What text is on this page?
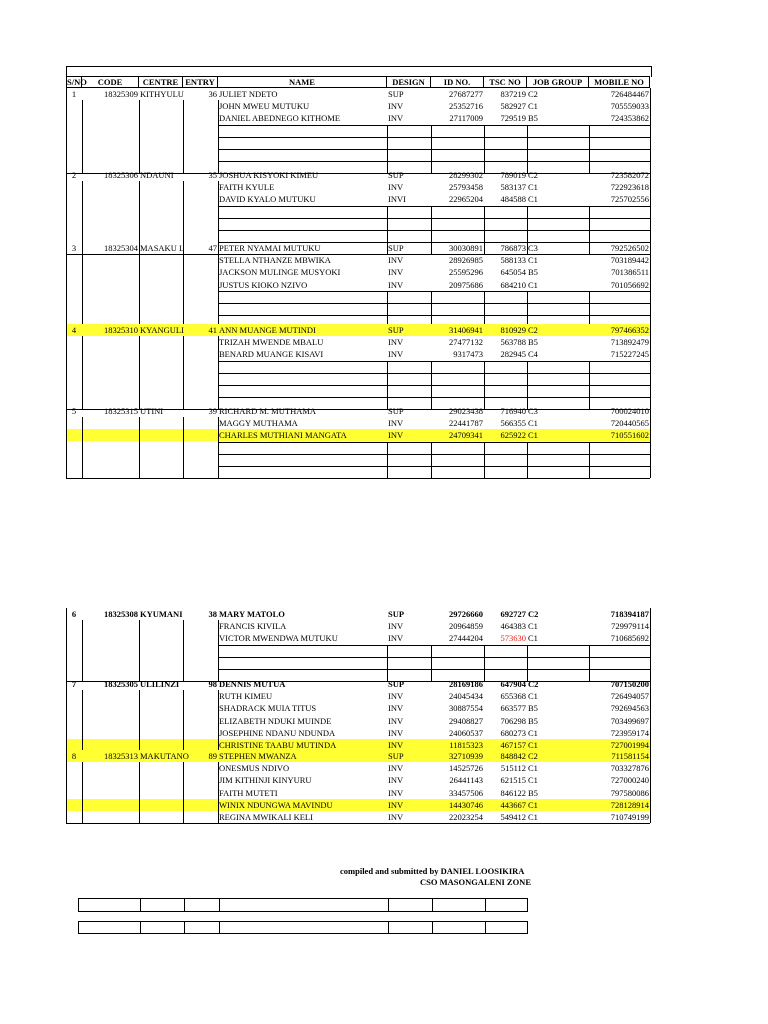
S/NO	CODE	CENTRE ENTRY	NAME	DESIGN	ID NO.	TSC NO	JOB GROUP	MOBILE NO
1	18325309 KITHYULU	36 JULIET NDETO	SUP	27687277	837219 C2	726484467
JOHN MWEU MUTUKU	INV	25352716	582927 C1	705559033
DANIEL ABEDNEGO KITHOME	INV	27117009	729519 B5	724353862
2	18325306 NDAUNI	35 JOSHUA KISYOKI KIMEU	SUP	28299302	789019 C2	723582072
FAITH KYULE	INV	25793458	583137 C1	722923618
DAVID KYALO MUTUKU	INVI	22965204	484588 C1	725702556
3	18325304 MASAKU L	47 PETER NYAMAI MUTUKU	SUP	30030891	786873 C3	792526502
STELLA NTHANZE MBWIKA	INV	28926985	588133 C1	703189442
JACKSON MULINGE MUSYOKI	INV	25595296	645054 B5	701386511
JUSTUS KIOKO NZIVO	INV	20975686	684210 C1	701056692
4	18325310 KYANGULI	41 ANN MUANGE MUTINDI	SUP	31406941	810929 C2	797466352
TRIZAH MWENDE MBALU	INV	27477132	563788 B5	713892479
BENARD MUANGE KISAVI	INV	9317473	282945 C4	715227245
5	18325315 UTINI	39 RICHARD M. MUTHAMA	SUP	29023438	716940 C3	700024010
MAGGY MUTHAMA	INV	22441787	566355 C1	720440565
CHARLES MUTHIANI MANGATA	INV	24709341	625922 C1	710551602
6	18325308 KYUMANI	38 MARY MATOLO	SUP	29726660	692727 C2	718394187
FRANCIS KIVILA	INV	20964859	464383 C1	729979114
VICTOR MWENDWA MUTUKU	INV	27444204	573630 C1	710685692
7	18325305 ULILINZI	98 DENNIS MUTUA	SUP	28169186	647904 C2	707150200
RUTH KIMEU	INV	24045434	655368 C1	726494057
SHADRACK MUIA TITUS	INV	30887554	663577 B5	792694563
ELIZABETH NDUKI MUINDE	INV	29408827	706298 B5	703499697
JOSEPHINE NDANU NDUNDA	INV	24060537	680273 C1	723959174
CHRISTINE TAABU MUTINDA	INV	11815323	467157 C1	727001994
8	18325313 MAKUTANO	89 STEPHEN MWANZA	SUP	32710939	848842 C2	711581154
ONESMUS NDIVO	INV	14525726	515112 C1	703327876
JIM KITHINJI KINYURU	INV	26441143	621515 C1	727000240
FAITH MUTETI	INV	33457506	846122 B5	797580086
WINIX NDUNGWA MAVINDU	INV	14430746	443667 C1	728128914
REGINA MWIKALI KELI	INV	22023254	549412 C1	710749199
compiled and submitted by DANIEL LOOSIKIRA
CSO MASONGALENI ZONE
